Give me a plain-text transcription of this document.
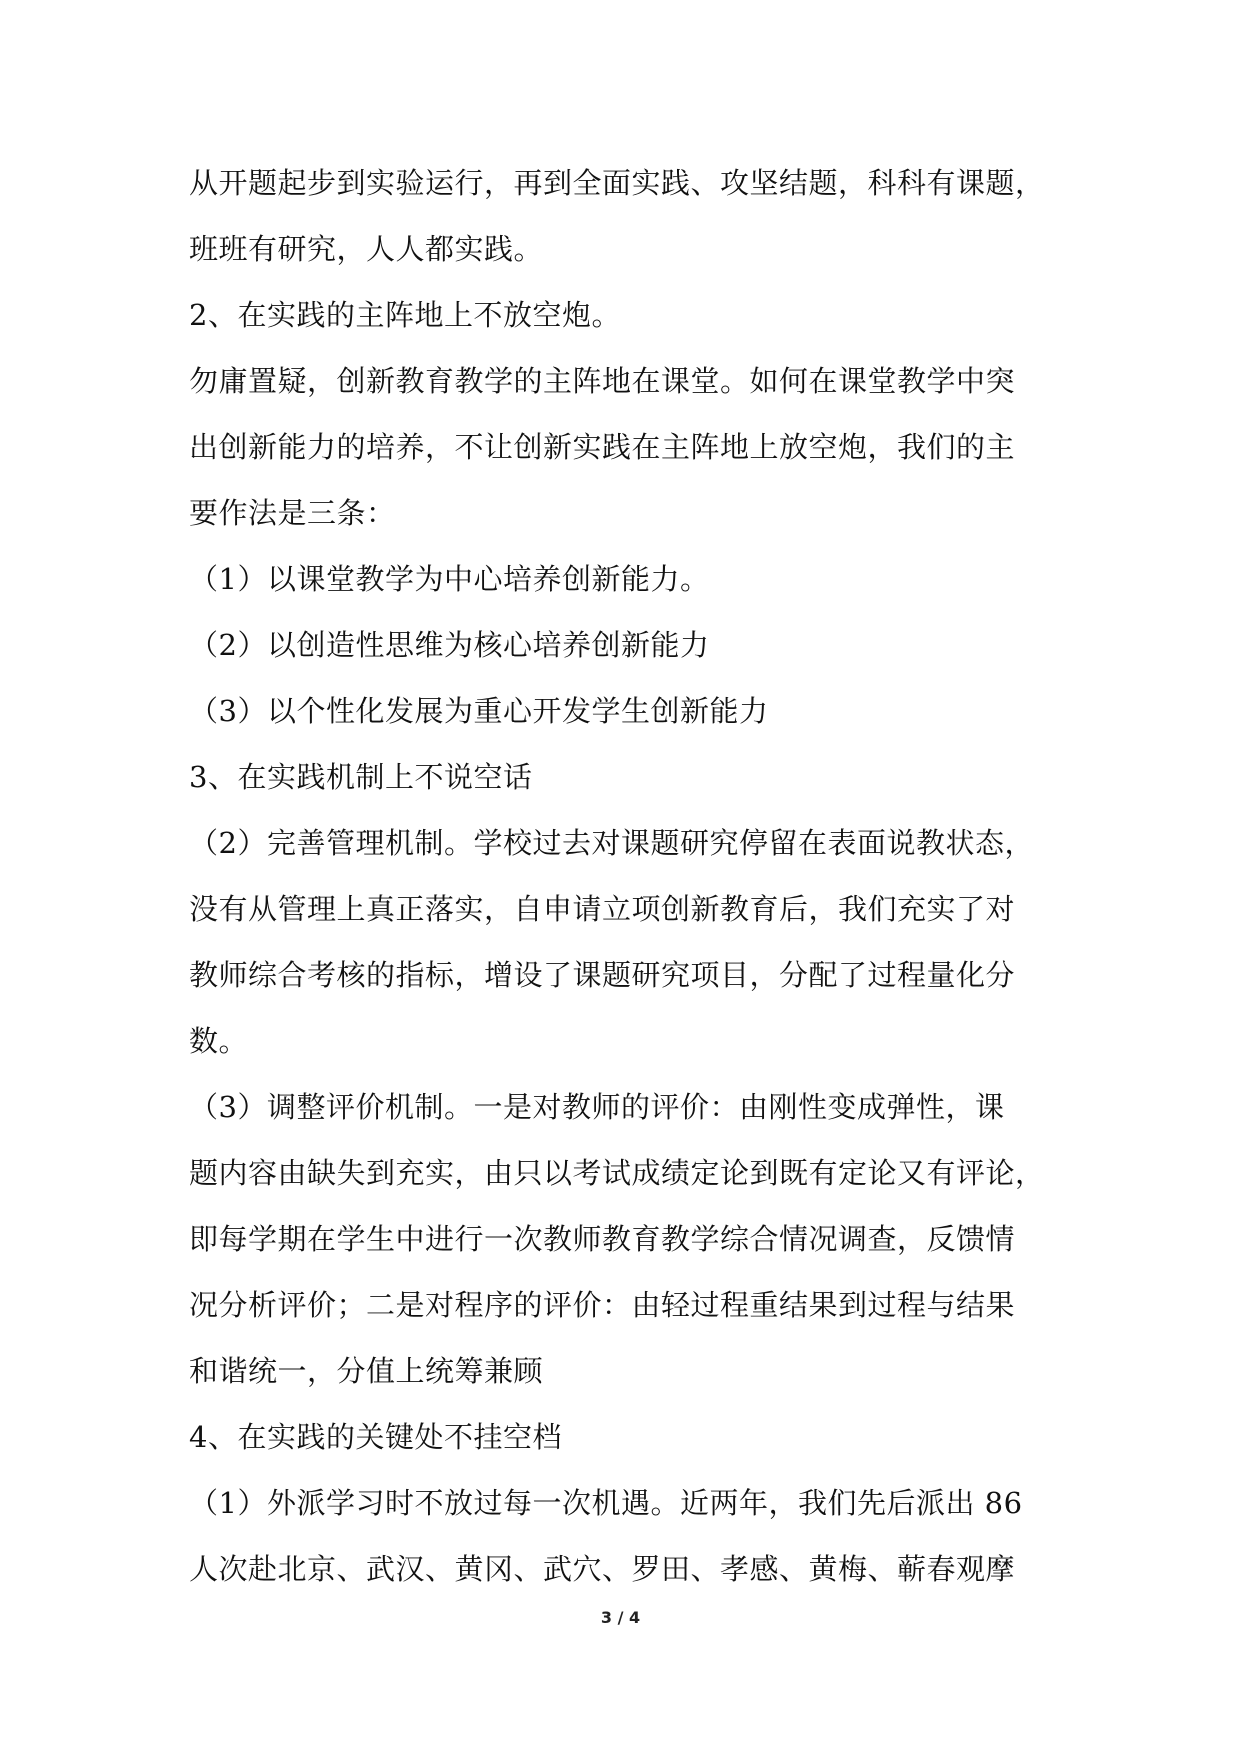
从开题起步到实验运行，再到全面实践、攻坚结题，科科有课题，
班班有研究，人人都实践。
2、在实践的主阵地上不放空炮。
勿庸置疑，创新教育教学的主阵地在课堂。如何在课堂教学中突
出创新能力的培养，不让创新实践在主阵地上放空炮，我们的主
要作法是三条：
（1）以课堂教学为中心培养创新能力。
（2）以创造性思维为核心培养创新能力
（3）以个性化发展为重心开发学生创新能力
3、在实践机制上不说空话
（2）完善管理机制。学校过去对课题研究停留在表面说教状态，
没有从管理上真正落实，自申请立项创新教育后，我们充实了对
教师综合考核的指标，增设了课题研究项目，分配了过程量化分
数。
（3）调整评价机制。一是对教师的评价：由刚性变成弹性，课
题内容由缺失到充实，由只以考试成绩定论到既有定论又有评论，
即每学期在学生中进行一次教师教育教学综合情况调查，反馈情
况分析评价；二是对程序的评价：由轻过程重结果到过程与结果
和谐统一，分值上统筹兼顾
4、在实践的关键处不挂空档
（1）外派学习时不放过每一次机遇。近两年，我们先后派出 86
人次赴北京、武汉、黄冈、武穴、罗田、孝感、黄梅、蕲春观摩
3 / 4
